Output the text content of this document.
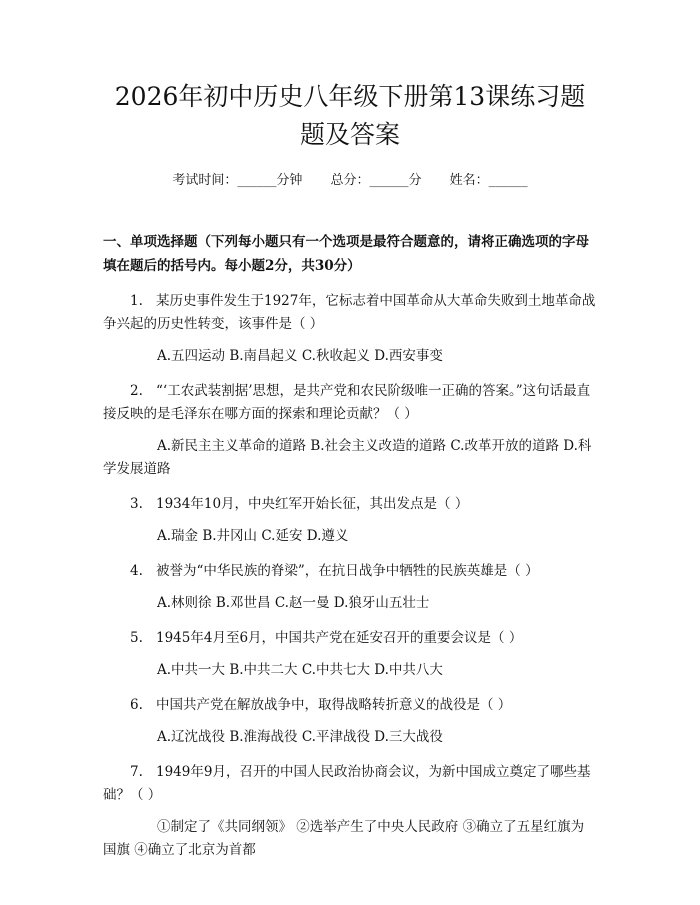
2026年初中历史八年级下册第13课练习题题及答案
考试时间：______分钟 总分：______分 姓名：______
一、单项选择题（下列每小题只有一个选项是最符合题意的，请将正确选项的字母填在题后的括号内。每小题2分，共30分）
1. 某历史事件发生于1927年，它标志着中国革命从大革命失败到土地革命战争兴起的历史性转变，该事件是（ ）
A.五四运动 B.南昌起义 C.秋收起义 D.西安事变
2. “‘工农武装割据’思想，是共产党和农民阶级唯一正确的答案。”这句话最直接反映的是毛泽东在哪方面的探索和理论贡献？（ ）
A.新民主主义革命的道路 B.社会主义改造的道路 C.改革开放的道路 D.科学发展道路
3. 1934年10月，中央红军开始长征，其出发点是（ ）
A.瑞金 B.井冈山 C.延安 D.遵义
4. 被誉为“中华民族的脊梁”，在抗日战争中牺牲的民族英雄是（ ）
A.林则徐 B.邓世昌 C.赵一曼 D.狼牙山五壮士
5. 1945年4月至6月，中国共产党在延安召开的重要会议是（ ）
A.中共一大 B.中共二大 C.中共七大 D.中共八大
6. 中国共产党在解放战争中，取得战略转折意义的战役是（ ）
A.辽沈战役 B.淮海战役 C.平津战役 D.三大战役
7. 1949年9月，召开的中国人民政治协商会议，为新中国成立奠定了哪些基础？（ ）
①制定了《共同纲领》 ②选举产生了中央人民政府 ③确立了五星红旗为国旗 ④确立了北京为首都
